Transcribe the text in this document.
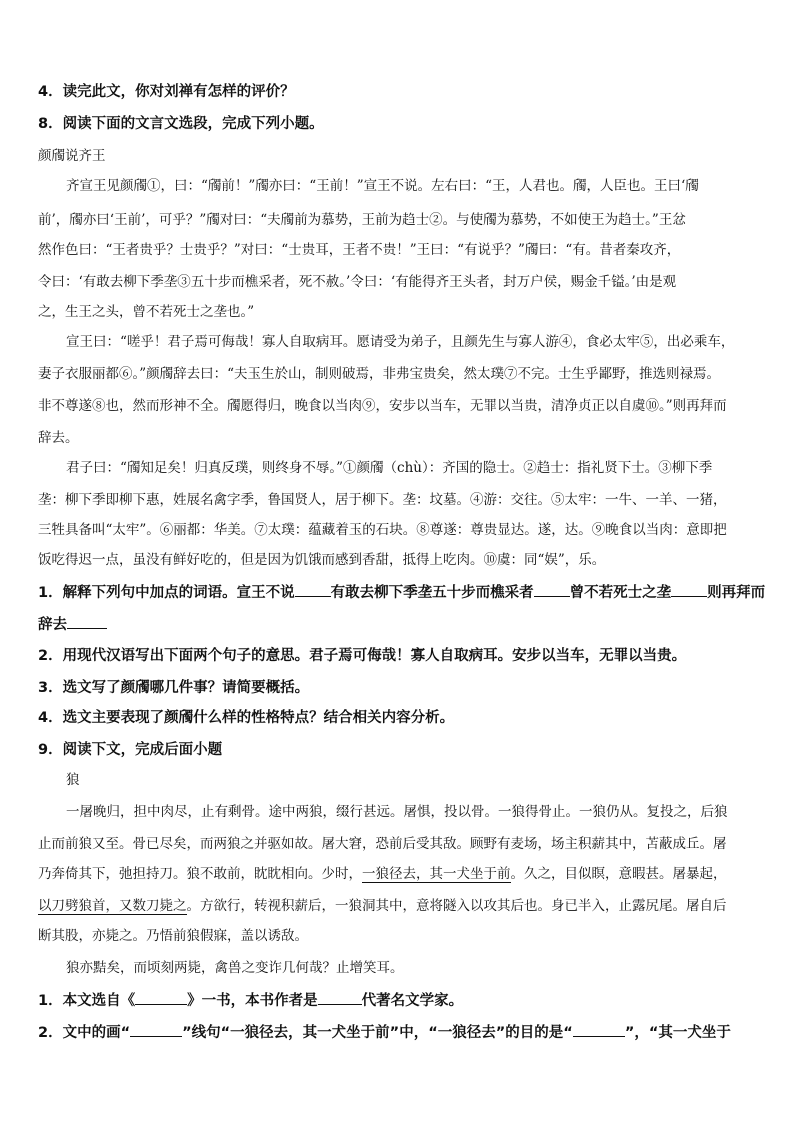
4．读完此文，你对刘禅有怎样的评价？
8．阅读下面的文言文选段，完成下列小题。
颜斶说齐王
齐宣王见颜斶①，曰：“斶前！”斶亦曰：“王前！”宣王不说。左右曰：“王，人君也。斶，人臣也。王曰‘斶
前’，斶亦曰‘王前’，可乎？”斶对曰：“夫斶前为慕势，王前为趋士②。与使斶为慕势，不如使王为趋士。”王忿
然作色曰：“王者贵乎？士贵乎？”对曰：“士贵耳，王者不贵！”王曰：“有说乎？”斶曰：“有。昔者秦攻齐，
令曰：‘有敢去柳下季垄③五十步而樵采者，死不赦。’令曰：‘有能得齐王头者，封万户侯，赐金千镒。’由是观
之，生王之头，曾不若死士之垄也。”
宣王曰：“嗟乎！君子焉可侮哉！寡人自取病耳。愿请受为弟子，且颜先生与寡人游④，食必太牢⑤，出必乘车，
妻子衣服丽都⑥。”颜斶辞去曰：“夫玉生於山，制则破焉，非弗宝贵矣，然太璞⑦不完。士生乎鄙野，推选则禄焉。
非不尊遂⑧也，然而形神不全。斶愿得归，晚食以当肉⑨，安步以当车，无罪以当贵，清净贞正以自虞⑩。”则再拜而
辞去。
君子曰：“斶知足矣！归真反璞，则终身不辱。”①颜斶（chù）：齐国的隐士。②趋士：指礼贤下士。③柳下季
垄：柳下季即柳下惠，姓展名禽字季，鲁国贤人，居于柳下。垄：坟墓。④游：交往。⑤太牢：一牛、一羊、一猪，
三牲具备叫“太牢”。⑥丽都：华美。⑦太璞：蕴藏着玉的石块。⑧尊遂：尊贵显达。遂，达。⑨晚食以当肉：意即把
饭吃得迟一点，虽没有鲜好吃的，但是因为饥饿而感到香甜，抵得上吃肉。⑩虞：同“娱”，乐。
1．解释下列句中加点的词语。宣王不说 有敢去柳下季垄五十步而樵采者 曾不若死士之垄 则再拜而
辞去
2．用现代汉语写出下面两个句子的意思。君子焉可侮哉！寡人自取病耳。安步以当车，无罪以当贵。
3．选文写了颜斶哪几件事？请简要概括。
4．选文主要表现了颜斶什么样的性格特点？结合相关内容分析。
9．阅读下文，完成后面小题
狼
一屠晚归，担中肉尽，止有剩骨。途中两狼，缀行甚远。屠惧，投以骨。一狼得骨止。一狼仍从。复投之，后狼
止而前狼又至。骨已尽矣，而两狼之并驱如故。屠大窘，恐前后受其敌。顾野有麦场，场主积薪其中，苫蔽成丘。屠
乃奔倚其下，弛担持刀。狼不敢前，眈眈相向。少时，一狼径去，其一犬坐于前。久之，目似瞑，意暇甚。屠暴起，
以刀劈狼首，又数刀毙之。方欲行，转视积薪后，一狼洞其中，意将隧入以攻其后也。身已半入，止露尻尾。屠自后
断其股，亦毙之。乃悟前狼假寐，盖以诱敌。
狼亦黠矣，而顷刻两毙，禽兽之变诈几何哉？止增笑耳。
1．本文选自《	》一书，本书作者是	代著名文学家。
2．文中的画“	”线句“一狼径去，其一犬坐于前”中，“一狼径去”的目的是“	”，“其一犬坐于
